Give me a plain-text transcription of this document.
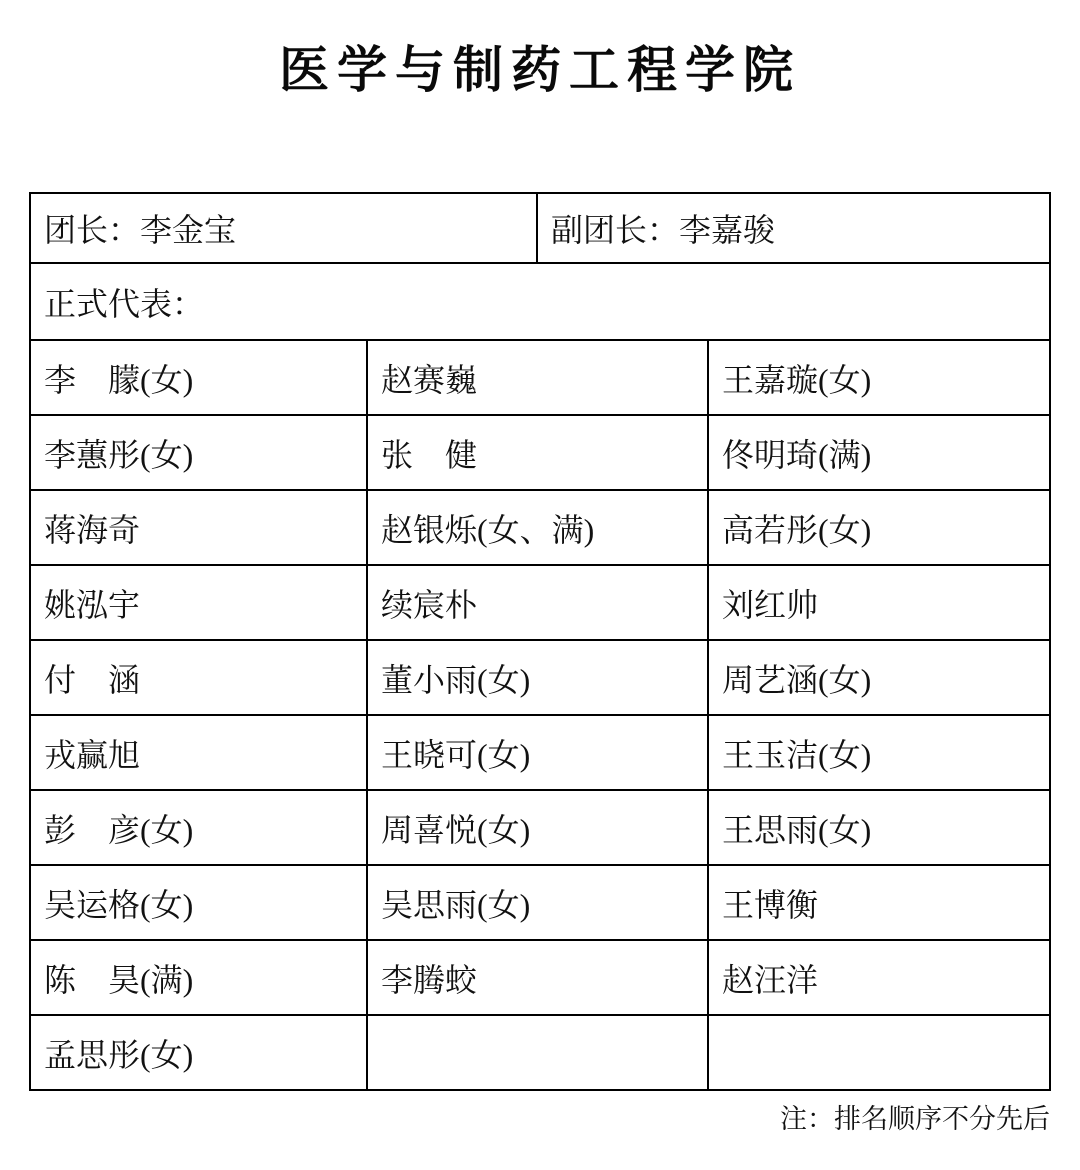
医学与制药工程学院
团长：李金宝		副团长：李嘉骏	
正式代表：			
李　朦(女)	赵赛巍		王嘉璇(女)
李蕙彤(女)	张　健		佟明琦(满)
蒋海奇	赵银烁(女、满)		高若彤(女)
姚泓宇	续宸朴		刘红帅
付　涵	董小雨(女)		周艺涵(女)
戎赢旭	王晓可(女)		王玉洁(女)
彭　彦(女)	周喜悦(女)		王思雨(女)
吴运格(女)	吴思雨(女)		王博衡
陈　昊(满)	李腾蛟		赵汪洋
孟思彤(女)			
注：排名顺序不分先后
